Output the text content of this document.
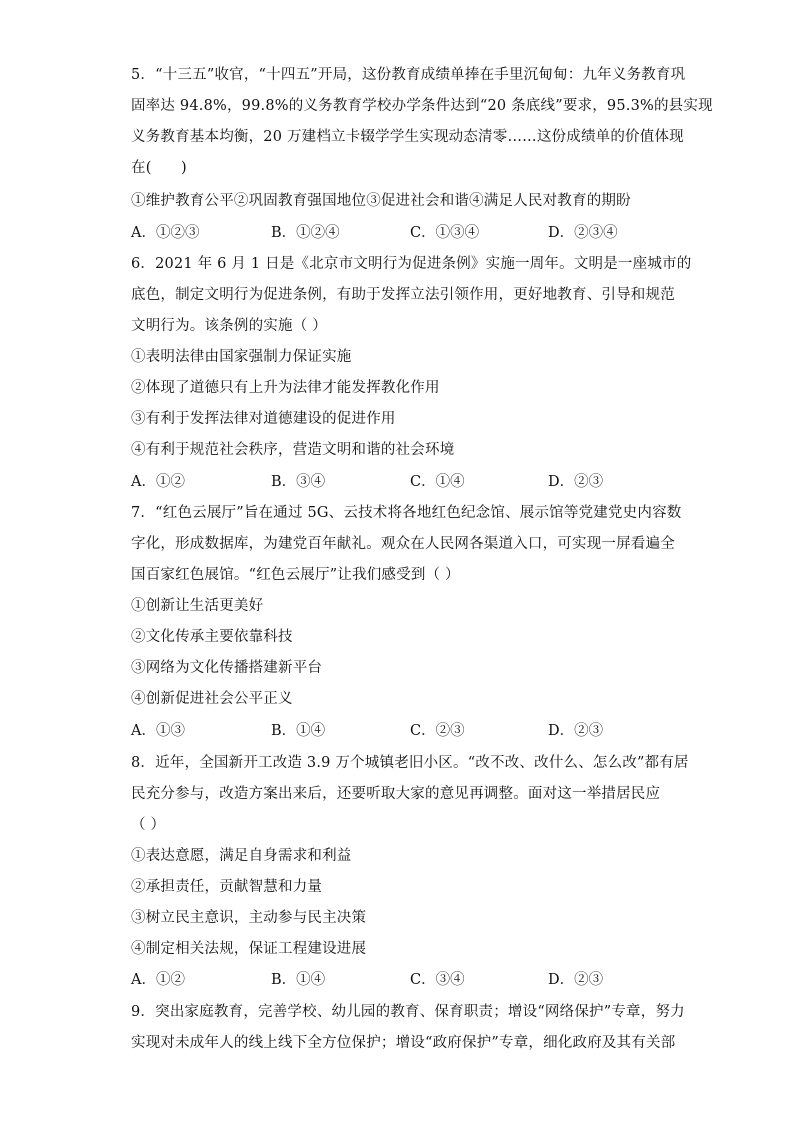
5．“十三五”收官，“十四五”开局，这份教育成绩单捧在手里沉甸甸：九年义务教育巩
固率达 94.8%，99.8%的义务教育学校办学条件达到“20 条底线”要求，95.3%的县实现
义务教育基本均衡，20 万建档立卡辍学学生实现动态清零……这份成绩单的价值体现
在(　　)
①维护教育公平②巩固教育强国地位③促进社会和谐④满足人民对教育的期盼
A．①②③	B．①②④	C．①③④	D．②③④
6．2021 年 6 月 1 日是《北京市文明行为促进条例》实施一周年。文明是一座城市的
底色，制定文明行为促进条例，有助于发挥立法引领作用，更好地教育、引导和规范
文明行为。该条例的实施（ ）
①表明法律由国家强制力保证实施
②体现了道德只有上升为法律才能发挥教化作用
③有利于发挥法律对道德建设的促进作用
④有利于规范社会秩序，营造文明和谐的社会环境
A．①②	B．③④	C．①④	D．②③
7．“红色云展厅”旨在通过 5G、云技术将各地红色纪念馆、展示馆等党建党史内容数
字化，形成数据库，为建党百年献礼。观众在人民网各渠道入口，可实现一屏看遍全
国百家红色展馆。“红色云展厅”让我们感受到（ ）
①创新让生活更美好
②文化传承主要依靠科技
③网络为文化传播搭建新平台
④创新促进社会公平正义
A．①③	B．①④	C．②③	D．②③
8．近年，全国新开工改造 3.9 万个城镇老旧小区。“改不改、改什么、怎么改”都有居
民充分参与，改造方案出来后，还要听取大家的意见再调整。面对这一举措居民应
（ ）
①表达意愿，满足自身需求和利益
②承担责任，贡献智慧和力量
③树立民主意识，主动参与民主决策
④制定相关法规，保证工程建设进展
A．①②	B．①④	C．③④	D．②③
9．突出家庭教育，完善学校、幼儿园的教育、保育职责；增设“网络保护”专章，努力
实现对未成年人的线上线下全方位保护；增设“政府保护”专章，细化政府及其有关部
